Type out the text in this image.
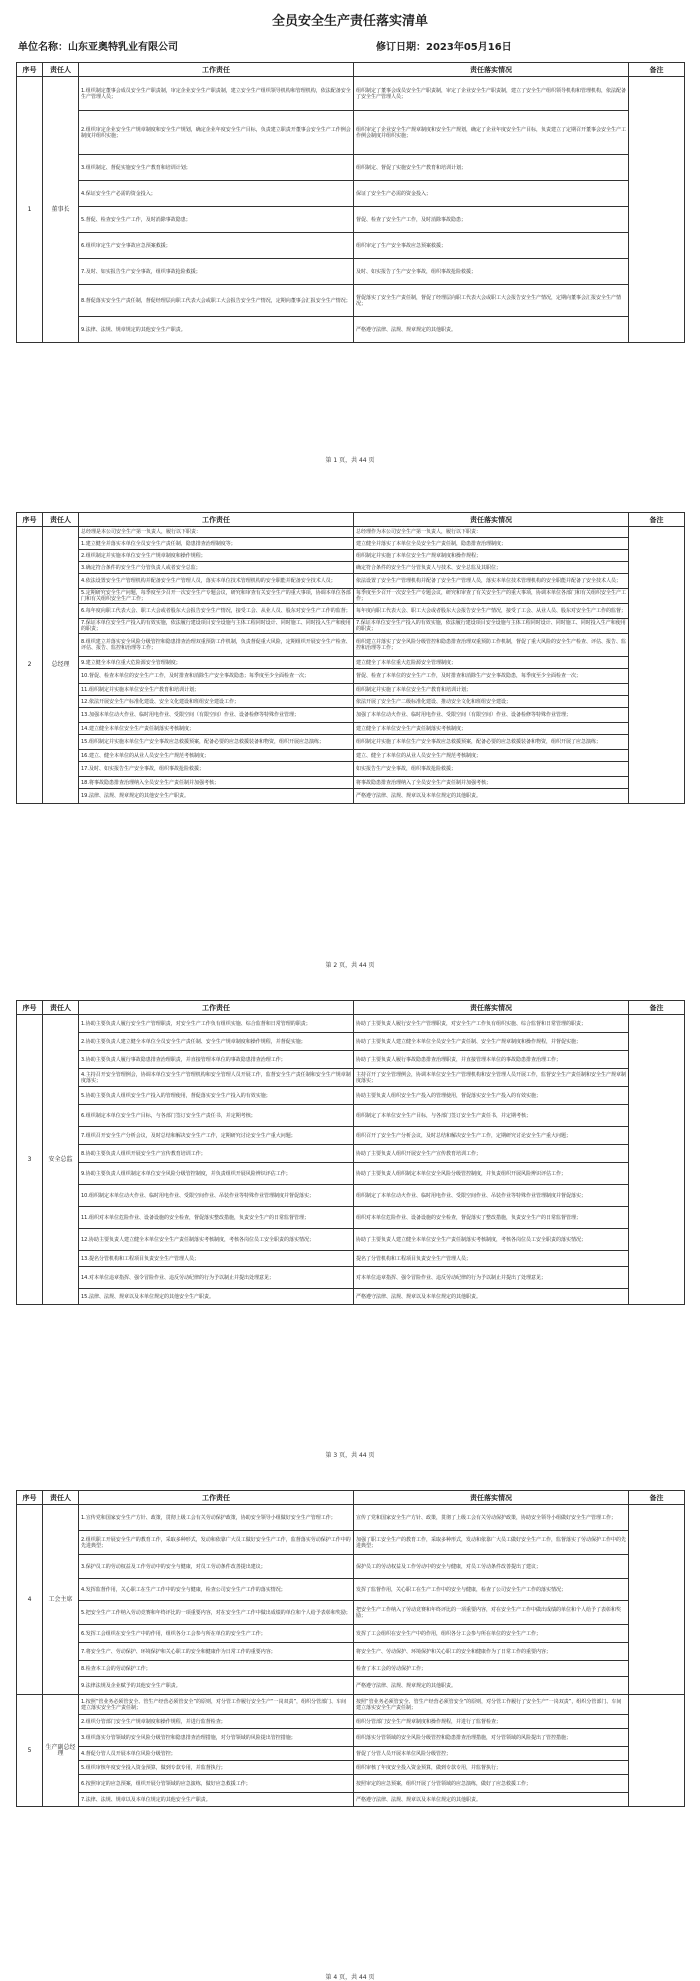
全员安全生产责任落实清单
单位名称：山东亚奥特乳业有限公司	修订日期：2023年05月16日
序号	责任人	工作责任	责任落实情况	备注
1	董事长	1.组织制定董事会成员安全生产职责制，审定企业安全生产职责制，建立安全生产组织领导机构和管理机构，依法配备安全生产管理人员；	组织制定了董事会成员安全生产职责制，审定了企业安全生产职责制，建立了安全生产组织领导机构和管理机构，依法配备了安全生产管理人员；	
		2.组织审定企业安全生产规章制度和安全生产规划，确定企业年度安全生产目标，负责建立职责开董事会安全生产工作例会制度并组织实施；	组织审定了企业安全生产规章制度和安全生产规划，确定了企业年度安全生产目标，负责建立了定期召开董事会安全生产工作例会制度并组织实施；	
		3.组织制定、督促实施安全生产教育和培训计划；	组织制定、督促了实施安全生产教育和培训计划；	
		4.保证安全生产必需的资金投入；	保证了安全生产必需的资金投入；	
		5.督促、检查安全生产工作，及时消除事故隐患；	督促、检查了安全生产工作，及时消除事故隐患；	
		6.组织审定生产安全事故应急预案救援；	组织审定了生产安全事故应急预案救援；	
		7.及时、如实报告生产安全事故，组织事故抢险救援；	及时、如实报告了生产安全事故，组织事故抢险救援；	
		8.督促落实安全生产责任制，督促经理层向职工代表大会或职工大会报告安全生产情况，定期向董事会汇报安全生产情况；	督促落实了安全生产责任制，督促了经理层向职工代表大会或职工大会报告安全生产情况，定期向董事会汇报安全生产情况；	
		9.法律、法规、规章规定的其他安全生产职责。	严格遵守法律、法规、规章规定的其他职责。	
第 1 页，共 44 页
序号	责任人	工作责任	责任落实情况	备注
2	总经理	总经理是本公司安全生产第一负责人，履行以下职责：	总经理作为本公司安全生产第一负责人，履行以下职责：	
		1.建立健全并落实本单位全员安全生产责任制，隐患排查治理制度等；	建立健全并落实了本单位全员安全生产责任制，隐患排查治理制度；	
		2.组织制定并实施本单位安全生产规章制度和操作规程；	组织制定并实施了本单位安全生产规章制度和操作规程；	
		3.确定符合条件的安全生产分管负责人或者安全总监；	确定符合条件的安全生产分管负责人与技术、安全总监及其职位；	
		4.依法设置安全生产管理机构并配备安全生产管理人员，落实本单位技术管理机构的安全职能并配备安全技术人员；	依法设置了安全生产管理机构并配备了安全生产管理人员，落实本单位技术管理机构的安全职能并配备了安全技术人员；	
		5.定期研究安全生产问题，每季度至少召开一次安全生产专题会议，研究和审查有关安全生产的重大事项，协调本单位各部门和有关组织安全生产工作；	每季度至少召开一次安全生产专题会议，研究和审查了有关安全生产的重大事项，协调本单位各部门和有关组织安全生产工作；	
		6.每年度向职工代表大会、职工大会或者股东大会报告安全生产情况，接受工会、从业人员、股东对安全生产工作的监督；	每年度向职工代表大会、职工大会或者股东大会报告安全生产情况，接受了工会、从业人员、股东对安全生产工作的监督；	
		7.保证本单位安全生产投入的有效实施，依法履行建设项目安全设施与主体工程同时设计、同时施工、同时投入生产和使用的职责；	7.保证本单位安全生产投入的有效实施，依法履行建设项目安全设施与主体工程同时设计、同时施工、同时投入生产和使用的职责；	
		8.组织建立并落实安全风险分级管控和隐患排查治理双重预防工作机制，负责督促重大风险，定期组织开展安全生产检查、评估、报告、监控和治理等工作；	组织建立并落实了安全风险分级管控和隐患排查治理双重预防工作机制，督促了重大风险的安全生产检查、评估、报告、监控和治理等工作；	
		9.建立健全本单位重大危险源安全管理制度；	建立健全了本单位重大危险源安全管理制度；	
		10.督促、检查本单位的安全生产工作，及时排查和消除生产安全事故隐患；每季度至少全面检查一次；	督促、检查了本单位的安全生产工作，及时排查和消除生产安全事故隐患，每季度至少全面检查一次；	
		11.组织制定并实施本单位安全生产教育和培训计划；	组织制定并实施了本单位安全生产教育和培训计划；	
		12.依法开展安全生产标准化建设、安全文化建设和班组安全建设工作；	依法开展了安全生产二级标准化建设、推动安全文化和班组安全建设；	
		13.加强本单位动火作业、临时用电作业、受限空间（有限空间）作业、设备检修等特殊作业管理；	加强了本单位动火作业、临时用电作业、受限空间（有限空间）作业、设备检修等特殊作业管理；	
		14.建立健全本单位安全生产责任制落实考核制度；	建立健全了本单位安全生产责任制落实考核制度；	
		15.组织制定并实施本单位生产安全事故应急救援预案，配备必要的应急救援装备和物资，组织开展应急演练；	组织制定并实施了本单位生产安全事故应急救援预案，配备必要的应急救援装备和物资，组织开展了应急演练；	
		16.建立、健全本单位的从业人员安全生产规范考核制度；	建立、健全了本单位的从业人员安全生产规范考核制度；	
		17.及时、如实报告生产安全事故，组织事故抢险救援；	如实报告生产安全事故，组织事故抢险救援；	
		18.将事故隐患排查治理纳入全员安全生产责任制并加强考核；	将事故隐患排查治理纳入了全员安全生产责任制并加强考核；	
		19.法律、法规、规章规定的其他安全生产职责。	严格遵守法律、法规、规章以及本单位规定的其他职责。	
第 2 页，共 44 页
序号	责任人	工作责任	责任落实情况	备注
3	安全总监	1.协助主要负责人履行安全生产管理职责，对安全生产工作负有组织实施、综合监督和日常管理的职责；	协助了主要负责人履行安全生产管理职责，对安全生产工作负有组织实施、综合监督和日常管理的职责；	
		2.协助主要负责人建立健全本单位全员安全生产责任制、安全生产规章制度和操作规程，并督促实施；	协助了主要负责人建立健全本单位全员安全生产责任制、安全生产规章制度和操作规程，并督促实施；	
		3.协助主要负责人履行事故隐患排查治理职责，并直接管理本单位的事故隐患排查治理工作；	协助了主要负责人履行事故隐患排查治理职责，并直接管理本单位的事故隐患排查治理工作；	
		4.主持召开安全管理例会，协调本单位安全生产管理机构和安全管理人员开展工作，监督安全生产责任制和安全生产规章制度落实；	主持召开了安全管理例会，协调本单位安全生产管理机构和安全管理人员开展工作，监督安全生产责任制和安全生产规章制度落实；	
		5.协助主要负责人组织安全生产投入的管理使用，督促落实安全生产投入的有效实施；	协助主要负责人组织安全生产投入的管理使用，督促落实安全生产投入的有效实施；	
		6.组织制定本单位安全生产目标，与各部门签订安全生产责任书，并定期考核；	组织制定了本单位安全生产目标，与各部门签订安全生产责任书，并定期考核；	
		7.组织召开安全生产分析会议，及时总结和解决安全生产工作，定期研究讨论安全生产重大问题；	组织召开了安全生产分析会议，及时总结和解决安全生产工作，定期研究讨论安全生产重大问题；	
		8.协助主要负责人组织开展安全生产宣传教育培训工作；	协助了主要负责人组织开展安全生产宣传教育培训工作；	
		9.协助主要负责人组织制定本单位安全风险分级管控制度，并负责组织开展风险辨识评估工作；	协助了主要负责人组织制定本单位安全风险分级管控制度，并负责组织开展风险辨识评估工作；	
		10.组织制定本单位动火作业、临时用电作业、受限空间作业、吊装作业等特殊作业管理制度并督促落实；	组织制定了本单位动火作业、临时用电作业、受限空间作业、吊装作业等特殊作业管理制度并督促落实；	
		11.组织对本单位危险作业、设备设施的安全检查，督促落实整改措施，负责安全生产的日常监督管理；	组织对本单位危险作业、设备设施的安全检查，督促落实了整改措施，负责安全生产的日常监督管理；	
		12.协助主要负责人建立健全本单位安全生产责任制落实考核制度，考核各岗位员工安全职责的落实情况；	协助了主要负责人建立健全本单位安全生产责任制落实考核制度，考核各岗位员工安全职责的落实情况；	
		13.提名分管机构和工程项目负责安全生产管理人员；	提名了分管机构和工程项目负责安全生产管理人员；	
		14.对本单位违章指挥、强令冒险作业、违反劳动纪律的行为予以制止并提出处理意见；	对本单位违章指挥、强令冒险作业、违反劳动纪律的行为予以制止并提出了处理意见；	
		15.法律、法规、规章以及本单位规定的其他安全生产职责。	严格遵守法律、法规、规章以及本单位规定的其他职责。	
第 3 页，共 44 页
序号	责任人	工作责任	责任落实情况	备注
4	工会主席	1.宣传党和国家安全生产方针、政策，贯彻上级工会有关劳动保护政策，协助安全领导小组做好安全生产管理工作；	宣传了党和国家安全生产方针、政策，贯彻了上级工会有关劳动保护政策，协助安全领导小组做好安全生产管理工作；	
		2.组织职工开展安全生产的教育工作，采取多种形式，发动和依靠广大员工做好安全生产工作，监督落实劳动保护工作中的先进典型；	加强了职工安全生产的教育工作，采取多种形式，发动和依靠广大员工做好安全生产工作，监督落实了劳动保护工作中的先进典型；	
		3.保护员工的劳动权益及工作劳动中的安全与健康，对员工劳动条件改善提出建议；	保护员工的劳动权益及工作劳动中的安全与健康，对员工劳动条件改善提出了建议；	
		4.发挥监督作用，关心职工在生产工作中的安全与健康，检查公司安全生产工作的落实情况；	发挥了监督作用，关心职工在生产工作中的安全与健康，检查了公司安全生产工作的落实情况；	
		5.把安全生产工作纳入劳动竞赛和年终评比的一项重要内容，对在安全生产工作中做出成绩的单位和个人给予表彰和奖励；	把安全生产工作纳入了劳动竞赛和年终评比的一项重要内容，对在安全生产工作中做出成绩的单位和个人给予了表彰和奖励；	
		6.发挥工会组织在安全生产中的作用，组织各分工会参与所在单位的安全生产工作；	发挥了工会组织在安全生产中的作用，组织各分工会参与所在单位的安全生产工作；	
		7.将安全生产、劳动保护、环境保护和关心职工的安全和健康作为日常工作的重要内容；	将安全生产、劳动保护、环境保护和关心职工的安全和健康作为了日常工作的重要内容；	
		8.检查本工会的劳动保护工作；	检查了本工会的劳动保护工作；	
		9.法律法规及企业赋予的其他安全生产职责。	严格遵守法律、法规、规章规定的其他职责。	
5	生产副总经理	1.按照“管业务必须管安全、管生产经营必须管安全”的原则，对分管工作履行安全生产“一岗双责”，组织分管部门、车间建立落实安全生产责任制；	按照“管业务必须管安全、管生产经营必须管安全”的原则，对分管工作履行了安全生产“一岗双责”，组织分管部门、车间建立落实安全生产责任制；	
		2.组织分管部门安全生产规章制度和操作规程，并进行监督检查；	组织分管部门安全生产规章制度和操作规程，并进行了监督检查；	
		3.组织落实分管领域的安全风险分级管控和隐患排查治理措施，对分管领域的风险提出管控措施；	组织落实分管领域的安全风险分级管控和隐患排查治理措施，对分管领域的风险提出了管控措施；	
		4.督促分管人员开展本单位风险分级管控；	督促了分管人员开展本单位风险分级管控；	
		5.组织审核年度安全投入资金预算，做到专款专用，并监督执行；	组织审核了年度安全投入资金预算，做到专款专用，并监督执行；	
		6.按照审定的应急预案，组织开展分管领域的应急演练，做好应急救援工作；	按照审定的应急预案，组织开展了分管领域的应急演练，做好了应急救援工作；	
		7.法律、法规、规章以及本单位规定的其他安全生产职责。	严格遵守法律、法规、规章以及本单位规定的其他职责。	
第 4 页，共 44 页
